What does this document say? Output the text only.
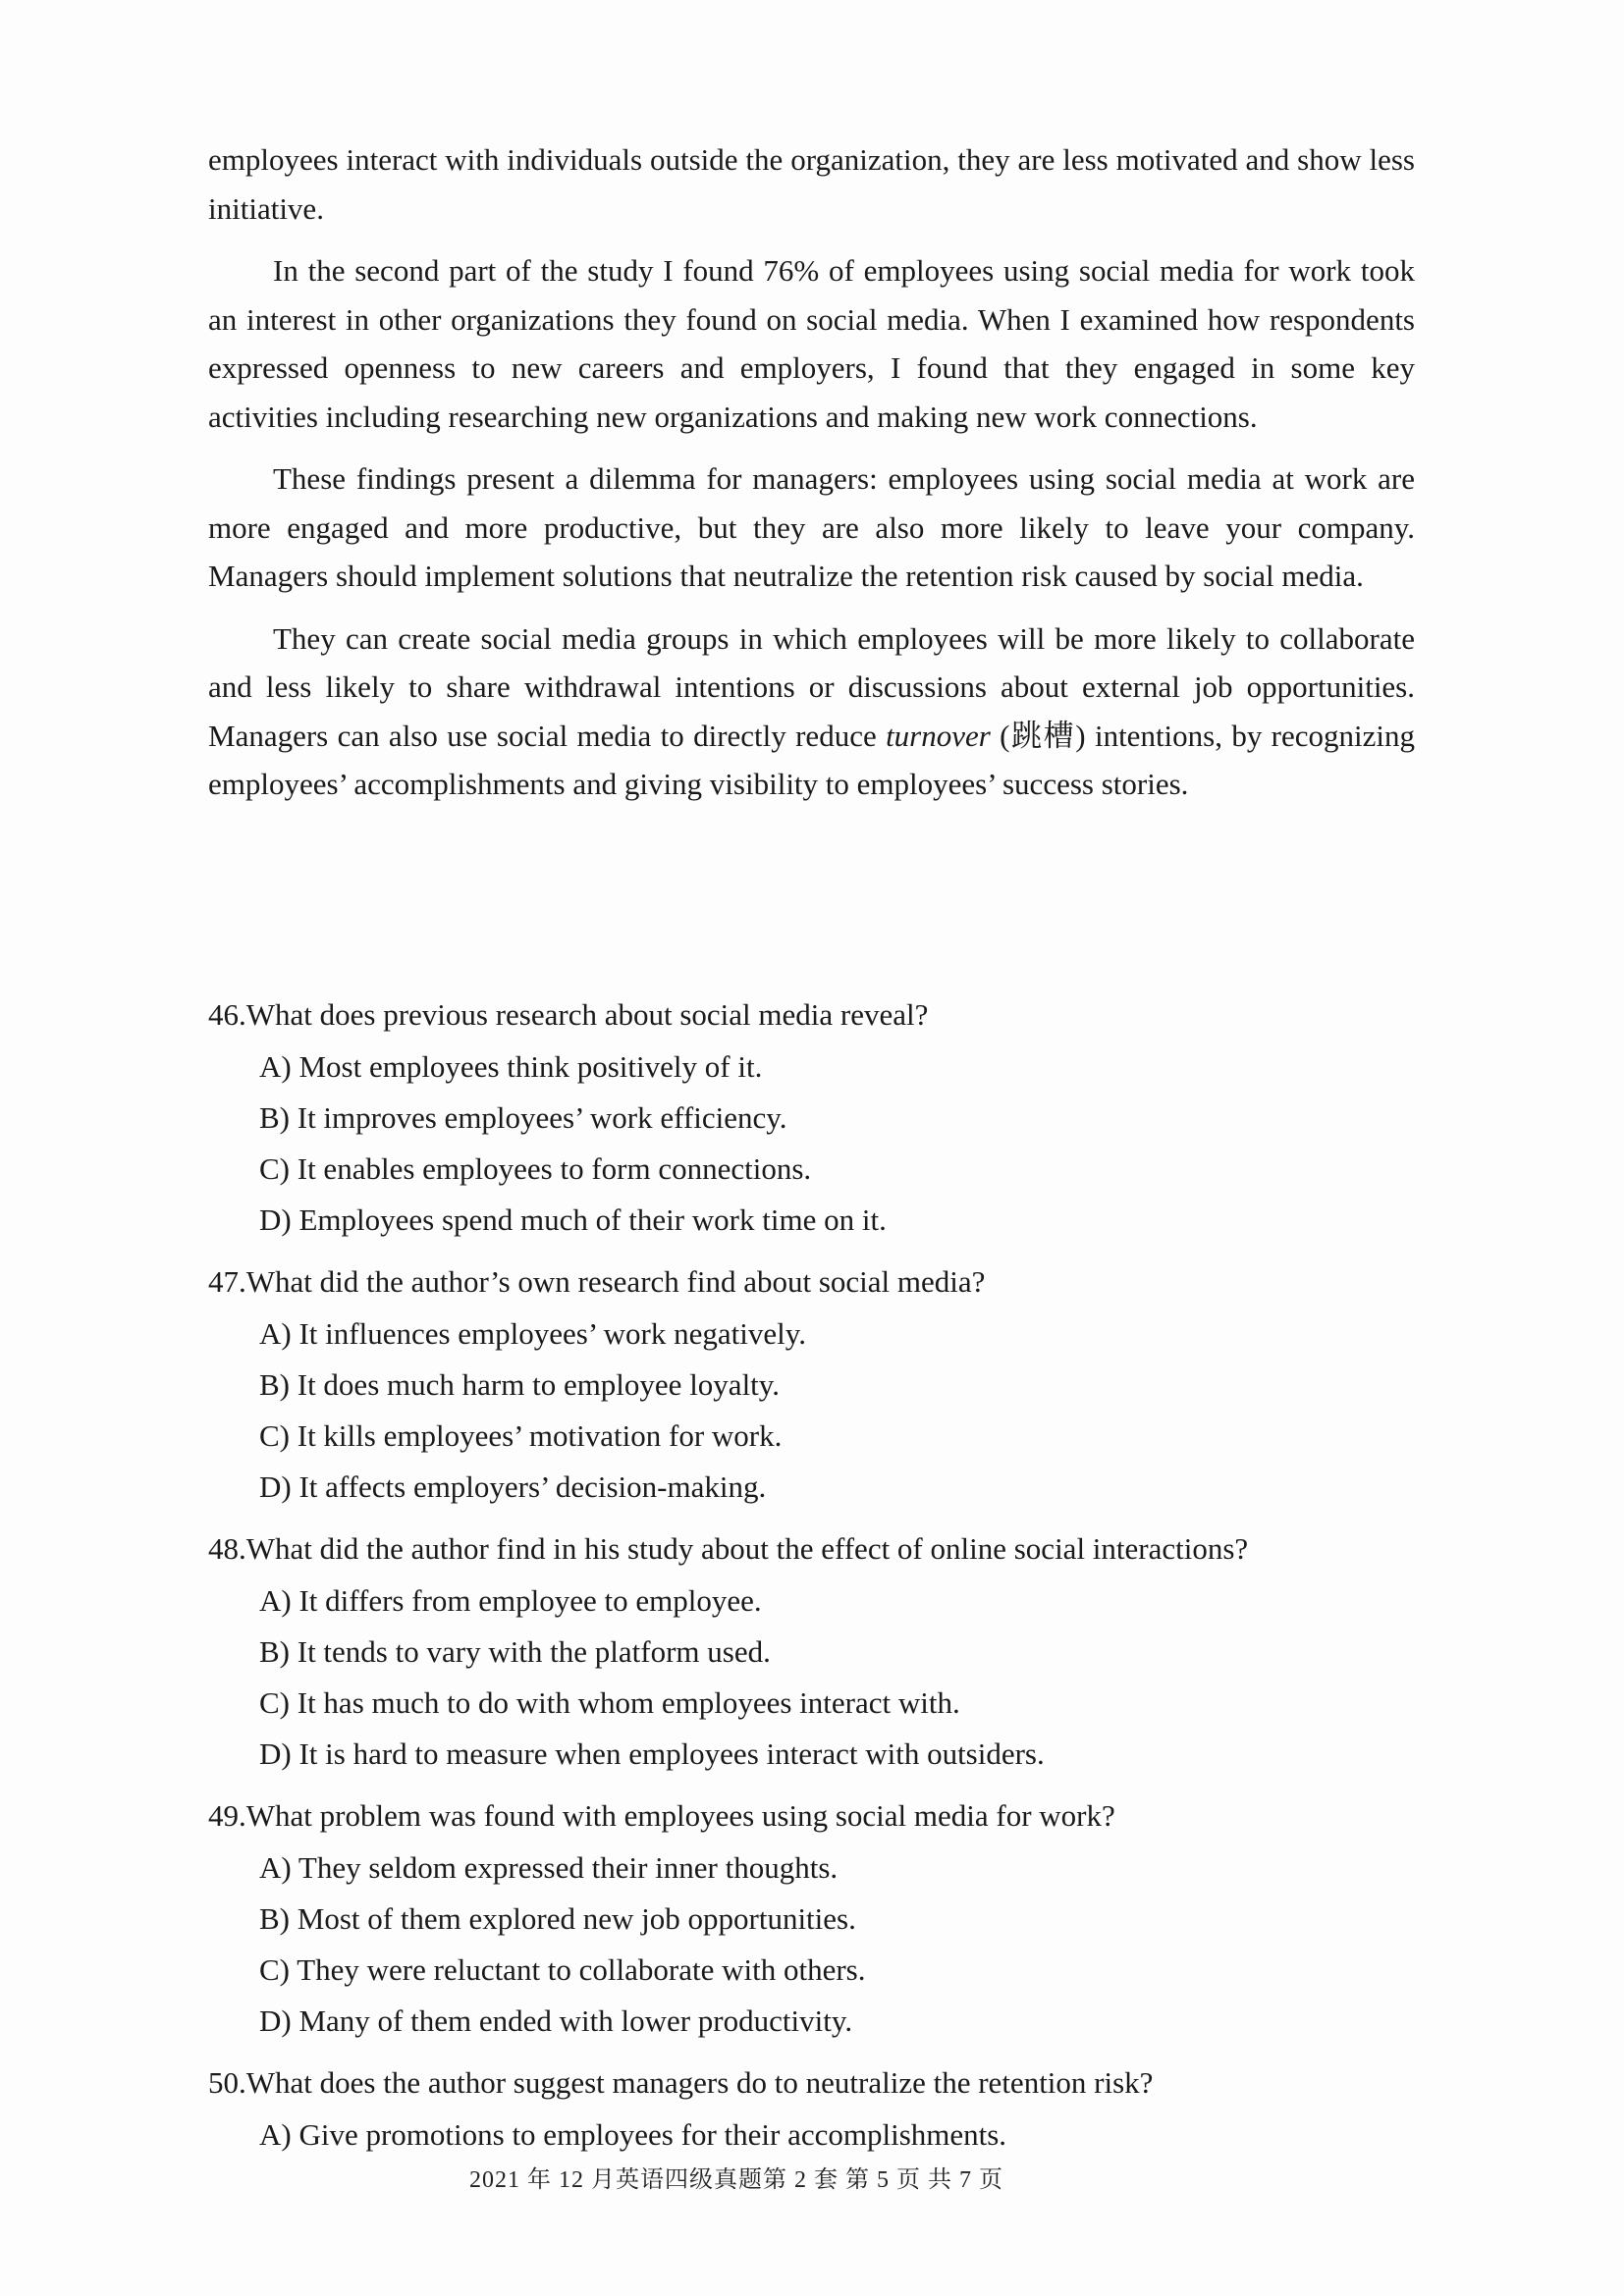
employees interact with individuals outside the organization, they are less motivated and show less initiative.

In the second part of the study I found 76% of employees using social media for work took an interest in other organizations they found on social media. When I examined how respondents expressed openness to new careers and employers, I found that they engaged in some key activities including researching new organizations and making new work connections.

These findings present a dilemma for managers: employees using social media at work are more engaged and more productive, but they are also more likely to leave your company. Managers should implement solutions that neutralize the retention risk caused by social media.

They can create social media groups in which employees will be more likely to collaborate and less likely to share withdrawal intentions or discussions about external job opportunities. Managers can also use social media to directly reduce turnover (跳槽) intentions, by recognizing employees’ accomplishments and giving visibility to employees’ success stories.

46.What does previous research about social media reveal?
A) Most employees think positively of it.
B) It improves employees’ work efficiency.
C) It enables employees to form connections.
D) Employees spend much of their work time on it.
47.What did the author’s own research find about social media?
A) It influences employees’ work negatively.
B) It does much harm to employee loyalty.
C) It kills employees’ motivation for work.
D) It affects employers’ decision-making.
48.What did the author find in his study about the effect of online social interactions?
A) It differs from employee to employee.
B) It tends to vary with the platform used.
C) It has much to do with whom employees interact with.
D) It is hard to measure when employees interact with outsiders.
49.What problem was found with employees using social media for work?
A) They seldom expressed their inner thoughts.
B) Most of them explored new job opportunities.
C) They were reluctant to collaborate with others.
D) Many of them ended with lower productivity.
50.What does the author suggest managers do to neutralize the retention risk?
A) Give promotions to employees for their accomplishments.
2021 年 12 月英语四级真题第 2 套 第 5 页 共 7 页
